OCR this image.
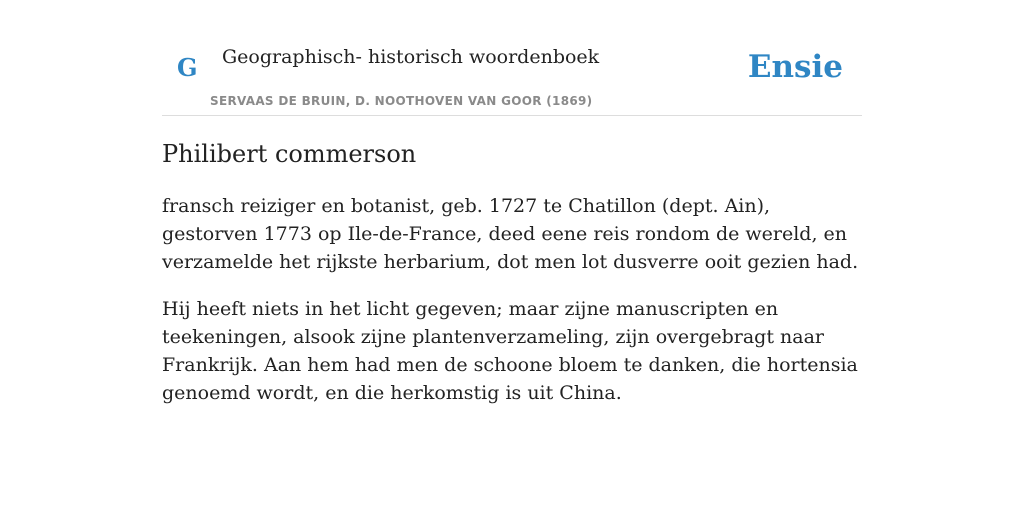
G Geographisch- historisch woordenboek
SERVAAS DE BRUIN, D. NOOTHOVEN VAN GOOR (1869)
Ensie
Philibert commerson

fransch reiziger en botanist, geb. 1727 te Chatillon (dept. Ain), gestorven 1773 op Ile-de-France, deed eene reis rondom de wereld, en verzamelde het rijkste herbarium, dot men lot dusverre ooit gezien had.

Hij heeft niets in het licht gegeven; maar zijne manuscripten en teekeningen, alsook zijne plantenverzameling, zijn overgebragt naar Frankrijk. Aan hem had men de schoone bloem te danken, die hortensia genoemd wordt, en die herkomstig is uit China.
